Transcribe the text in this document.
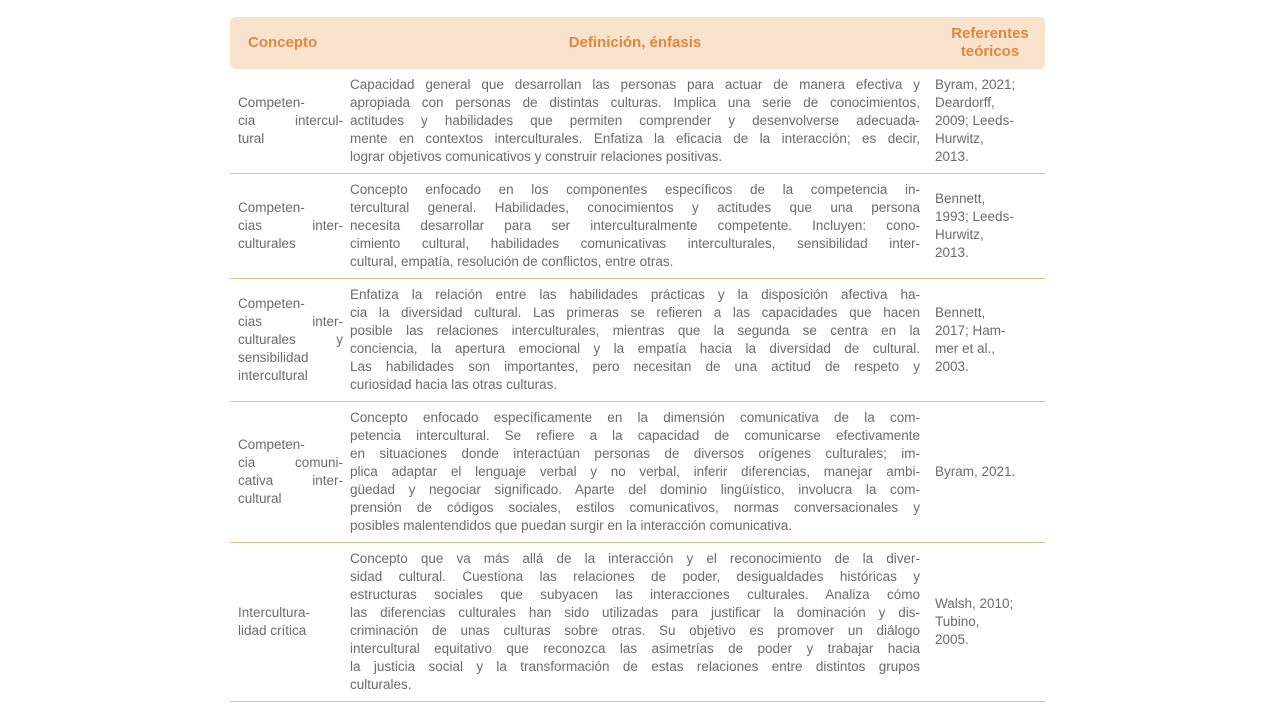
Concepto	Definición, énfasis
Referentes teóricos
Competen-
cia intercul-
tural
Capacidad general que desarrollan las personas para actuar de manera efectiva y
apropiada con personas de distintas culturas. Implica una serie de conocimientos,
actitudes y habilidades que permiten comprender y desenvolverse adecuada-
mente en contextos interculturales. Enfatiza la eficacia de la interacción; es decir,
lograr objetivos comunicativos y construir relaciones positivas.
Byram, 2021;
Deardorff,
2009; Leeds-
Hurwitz,
2013.
Competen-
cias inter-
culturales
Concepto enfocado en los componentes específicos de la competencia in-
tercultural general. Habilidades, conocimientos y actitudes que una persona
necesita desarrollar para ser interculturalmente competente. Incluyen: cono-
cimiento cultural, habilidades comunicativas interculturales, sensibilidad inter-
cultural, empatía, resolución de conflictos, entre otras.
Bennett,
1993; Leeds-
Hurwitz,
2013.
Competen-
cias inter-
culturales y
sensibilidad
intercultural
Enfatiza la relación entre las habilidades prácticas y la disposición afectiva ha-
cia la diversidad cultural. Las primeras se refieren a las capacidades que hacen
posible las relaciones interculturales, mientras que la segunda se centra en la
conciencia, la apertura emocional y la empatía hacia la diversidad de cultural.
Las habilidades son importantes, pero necesitan de una actitud de respeto y
curiosidad hacia las otras culturas.
Bennett,
2017; Ham-
mer et al.,
2003.
Competen-
cia comuni-
cativa inter-
cultural
Concepto enfocado específicamente en la dimensión comunicativa de la com-
petencia intercultural. Se refiere a la capacidad de comunicarse efectivamente
en situaciones donde interactúan personas de diversos orígenes culturales; im-
plica adaptar el lenguaje verbal y no verbal, inferir diferencias, manejar ambi-
güedad y negociar significado. Aparte del dominio lingüístico, involucra la com-
prensión de códigos sociales, estilos comunicativos, normas conversacionales y
posibles malentendidos que puedan surgir en la interacción comunicativa.
Byram, 2021.
Intercultura-
lidad crítica
Concepto que va más allá de la interacción y el reconocimiento de la diver-
sidad cultural. Cuestiona las relaciones de poder, desigualdades históricas y
estructuras sociales que subyacen las interacciones culturales. Analiza cómo
las diferencias culturales han sido utilizadas para justificar la dominación y dis-
criminación de unas culturas sobre otras. Su objetivo es promover un diálogo
intercultural equitativo que reconozca las asimetrías de poder y trabajar hacia
la justicia social y la transformación de estas relaciones entre distintos grupos
culturales.
Walsh, 2010;
Tubino,
2005.
